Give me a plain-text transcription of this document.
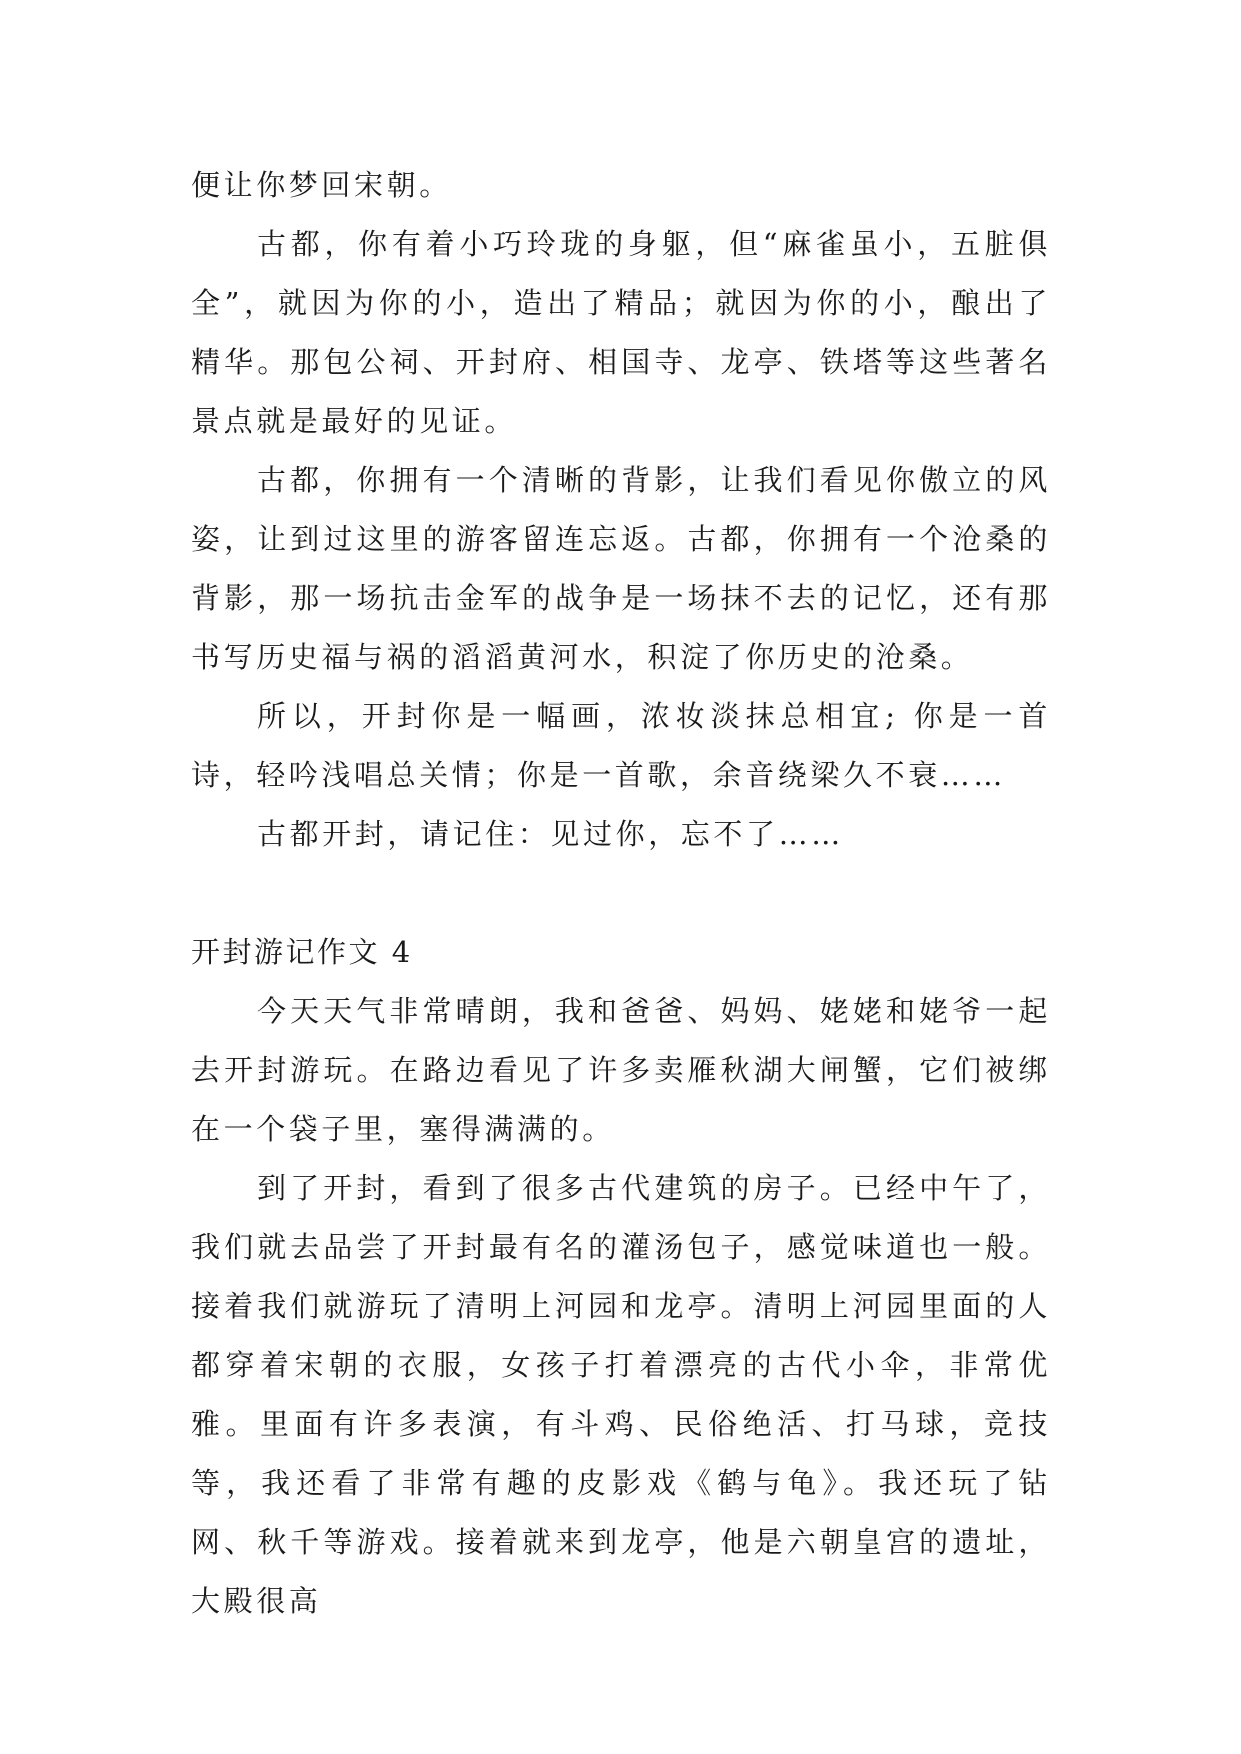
便让你梦回宋朝。

古都，你有着小巧玲珑的身躯，但“麻雀虽小，五脏俱全”，就因为你的小，造出了精品；就因为你的小，酿出了精华。那包公祠、开封府、相国寺、龙亭、铁塔等这些著名景点就是最好的见证。

古都，你拥有一个清晰的背影，让我们看见你傲立的风姿，让到过这里的游客留连忘返。古都，你拥有一个沧桑的背影，那一场抗击金军的战争是一场抹不去的记忆，还有那书写历史福与祸的滔滔黄河水，积淀了你历史的沧桑。

所以，开封你是一幅画，浓妆淡抹总相宜; 你是一首诗，轻吟浅唱总关情；你是一首歌，余音绕梁久不衰……

古都开封，请记住：见过你，忘不了……

开封游记作文 4

今天天气非常晴朗，我和爸爸、妈妈、姥姥和姥爷一起去开封游玩。在路边看见了许多卖雁秋湖大闸蟹，它们被绑在一个袋子里，塞得满满的。

到了开封，看到了很多古代建筑的房子。已经中午了，我们就去品尝了开封最有名的灌汤包子，感觉味道也一般。接着我们就游玩了清明上河园和龙亭。清明上河园里面的人都穿着宋朝的衣服，女孩子打着漂亮的古代小伞，非常优雅。里面有许多表演，有斗鸡、民俗绝活、打马球，竞技等，我还看了非常有趣的皮影戏《鹤与龟》。我还玩了钻网、秋千等游戏。接着就来到龙亭，他是六朝皇宫的遗址，大殿很高
